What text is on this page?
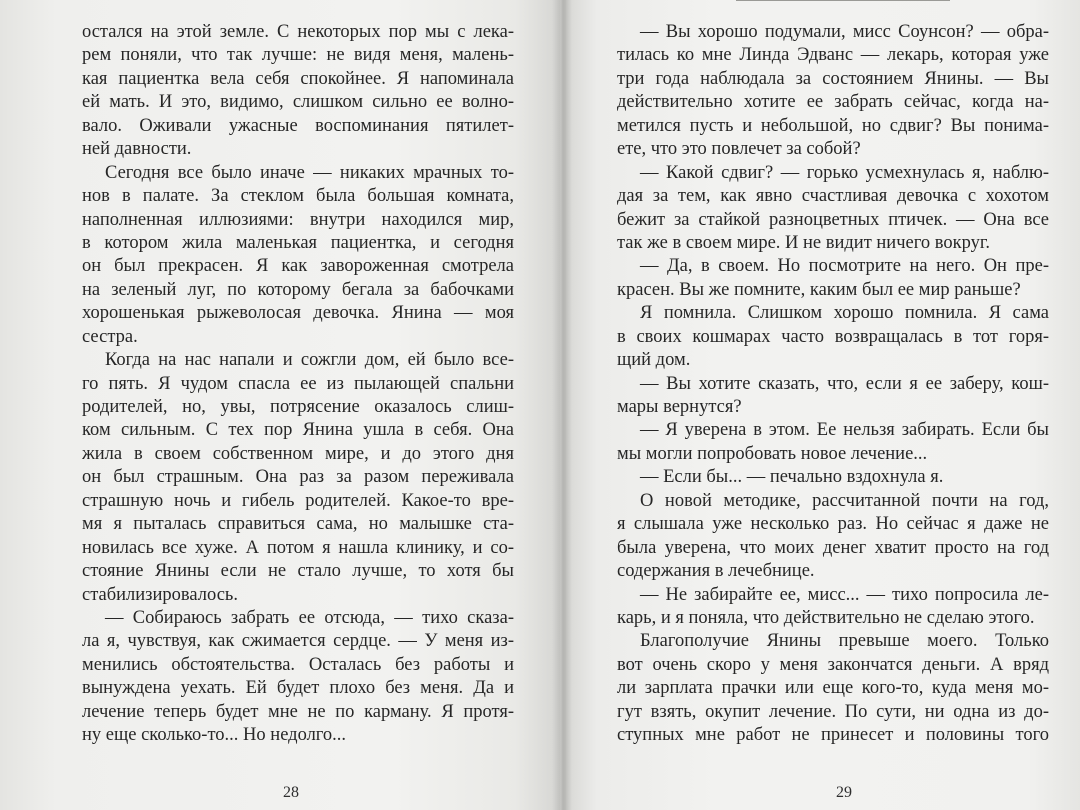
остался на этой земле. С некоторых пор мы с лека-
рем поняли, что так лучше: не видя меня, малень-
кая пациентка вела себя спокойнее. Я напоминала
ей мать. И это, видимо, слишком сильно ее волно-
вало. Оживали ужасные воспоминания пятилет-
ней давности.
Сегодня все было иначе — никаких мрачных то-
нов в палате. За стеклом была большая комната,
наполненная иллюзиями: внутри находился мир,
в котором жила маленькая пациентка, и сегодня
он был прекрасен. Я как завороженная смотрела
на зеленый луг, по которому бегала за бабочками
хорошенькая рыжеволосая девочка. Янина — моя
сестра.
Когда на нас напали и сожгли дом, ей было все-
го пять. Я чудом спасла ее из пылающей спальни
родителей, но, увы, потрясение оказалось слиш-
ком сильным. С тех пор Янина ушла в себя. Она
жила в своем собственном мире, и до этого дня
он был страшным. Она раз за разом переживала
страшную ночь и гибель родителей. Какое-то вре-
мя я пыталась справиться сама, но малышке ста-
новилась все хуже. А потом я нашла клинику, и со-
стояние Янины если не стало лучше, то хотя бы
стабилизировалось.
— Собираюсь забрать ее отсюда, — тихо сказа-
ла я, чувствуя, как сжимается сердце. — У меня из-
менились обстоятельства. Осталась без работы и
вынуждена уехать. Ей будет плохо без меня. Да и
лечение теперь будет мне не по карману. Я протя-
ну еще сколько-то... Но недолго...
— Вы хорошо подумали, мисс Соунсон? — обра-
тилась ко мне Линда Эдванс — лекарь, которая уже
три года наблюдала за состоянием Янины. — Вы
действительно хотите ее забрать сейчас, когда на-
метился пусть и небольшой, но сдвиг? Вы понима-
ете, что это повлечет за собой?
— Какой сдвиг? — горько усмехнулась я, наблю-
дая за тем, как явно счастливая девочка с хохотом
бежит за стайкой разноцветных птичек. — Она все
так же в своем мире. И не видит ничего вокруг.
— Да, в своем. Но посмотрите на него. Он пре-
красен. Вы же помните, каким был ее мир раньше?
Я помнила. Слишком хорошо помнила. Я сама
в своих кошмарах часто возвращалась в тот горя-
щий дом.
— Вы хотите сказать, что, если я ее заберу, кош-
мары вернутся?
— Я уверена в этом. Ее нельзя забирать. Если бы
мы могли попробовать новое лечение...
— Если бы... — печально вздохнула я.
О новой методике, рассчитанной почти на год,
я слышала уже несколько раз. Но сейчас я даже не
была уверена, что моих денег хватит просто на год
содержания в лечебнице.
— Не забирайте ее, мисс... — тихо попросила ле-
карь, и я поняла, что действительно не сделаю этого.
Благополучие Янины превыше моего. Только
вот очень скоро у меня закончатся деньги. А вряд
ли зарплата прачки или еще кого-то, куда меня мо-
гут взять, окупит лечение. По сути, ни одна из до-
ступных мне работ не принесет и половины того
28	29
